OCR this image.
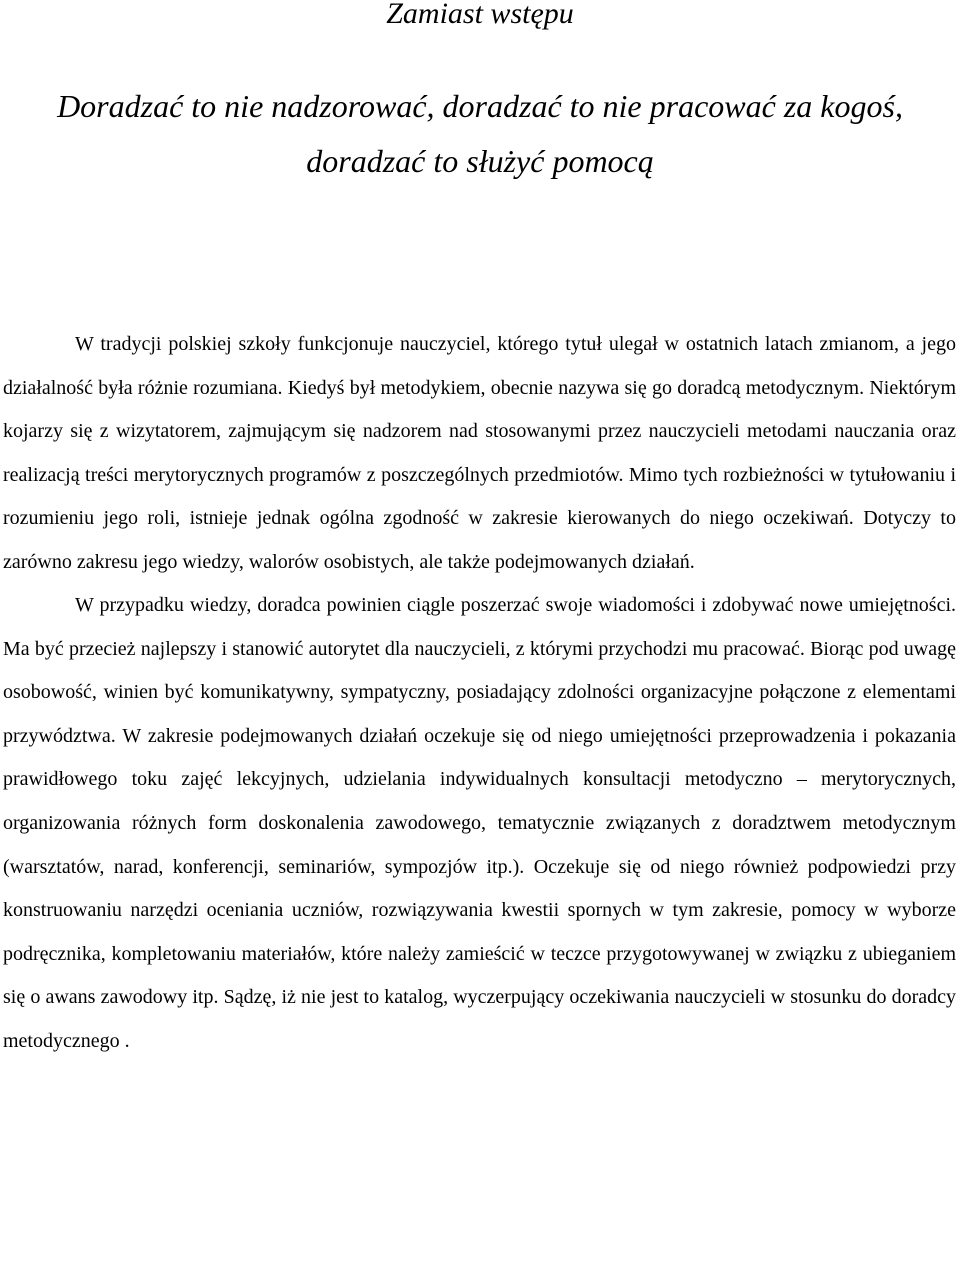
Zamiast wstępu
Doradzać to nie nadzorować, doradzać to nie pracować za kogoś,
doradzać to służyć pomocą

W tradycji polskiej szkoły funkcjonuje nauczyciel, którego tytuł ulegał w ostatnich latach zmianom, a jego działalność była różnie rozumiana. Kiedyś był metodykiem, obecnie nazywa się go doradcą metodycznym. Niektórym kojarzy się z wizytatorem, zajmującym się nadzorem nad stosowanymi przez nauczycieli metodami nauczania oraz realizacją treści merytorycznych programów z poszczególnych przedmiotów. Mimo tych rozbieżności w tytułowaniu i rozumieniu jego roli, istnieje jednak ogólna zgodność w zakresie kierowanych do niego oczekiwań. Dotyczy to zarówno zakresu jego wiedzy, walorów osobistych, ale także podejmowanych działań.

W przypadku wiedzy, doradca powinien ciągle poszerzać swoje wiadomości i zdobywać nowe umiejętności. Ma być przecież najlepszy i stanowić autorytet dla nauczycieli, z którymi przychodzi mu pracować. Biorąc pod uwagę osobowość, winien być komunikatywny, sympatyczny, posiadający zdolności organizacyjne połączone z elementami przywództwa. W zakresie podejmowanych działań oczekuje się od niego umiejętności przeprowadzenia i pokazania prawidłowego toku zajęć lekcyjnych, udzielania indywidualnych konsultacji metodyczno – merytorycznych, organizowania różnych form doskonalenia zawodowego, tematycznie związanych z doradztwem metodycznym (warsztatów, narad, konferencji, seminariów, sympozjów itp.). Oczekuje się od niego również podpowiedzi przy konstruowaniu narzędzi oceniania uczniów, rozwiązywania kwestii spornych w tym zakresie, pomocy w wyborze podręcznika, kompletowaniu materiałów, które należy zamieścić w teczce przygotowywanej w związku z ubieganiem się o awans zawodowy itp. Sądzę, iż nie jest to katalog, wyczerpujący oczekiwania nauczycieli w stosunku do doradcy metodycznego .
